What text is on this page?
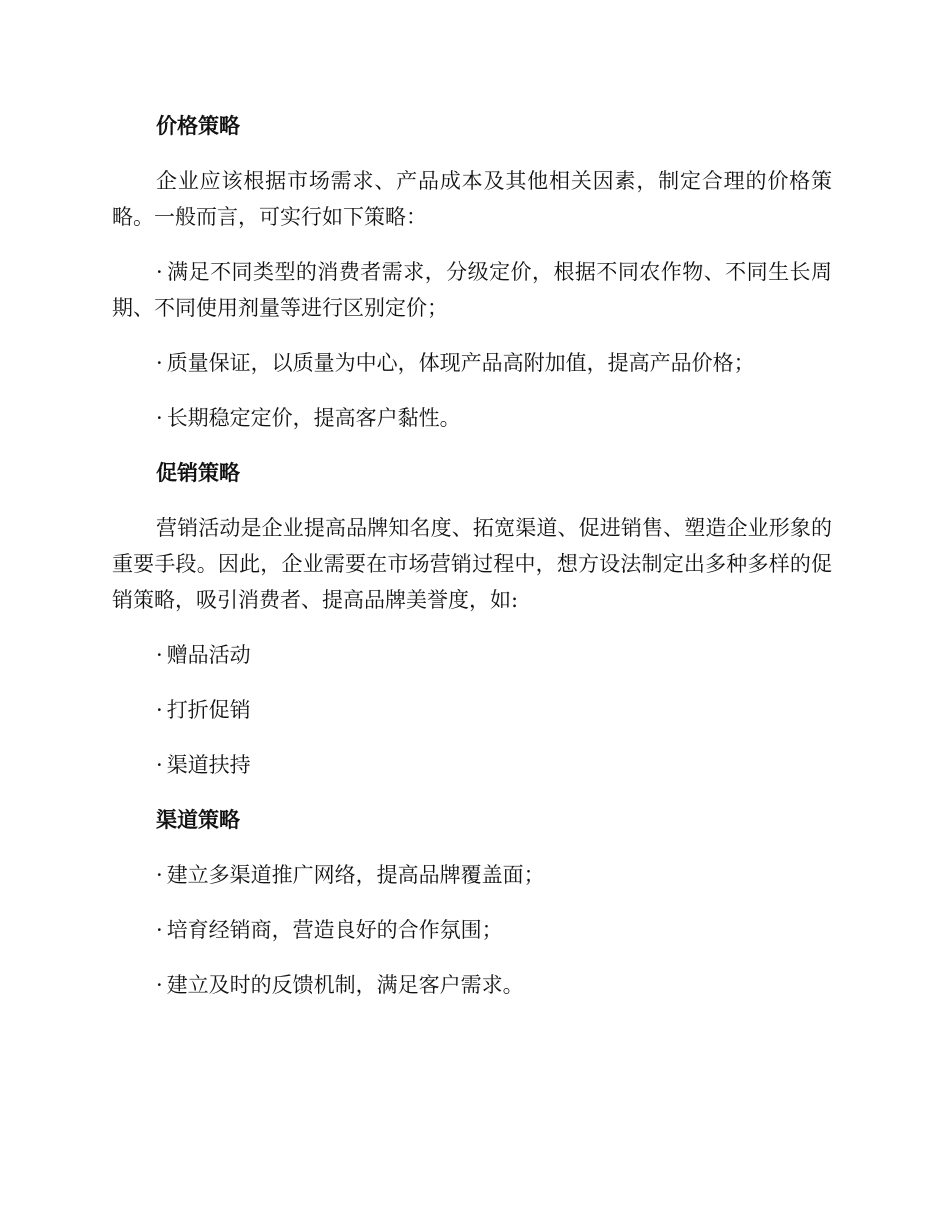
价格策略

企业应该根据市场需求、产品成本及其他相关因素，制定合理的价格策略。一般而言，可实行如下策略：

· 满足不同类型的消费者需求，分级定价，根据不同农作物、不同生长周期、不同使用剂量等进行区别定价；

· 质量保证，以质量为中心，体现产品高附加值，提高产品价格；

· 长期稳定定价，提高客户黏性。

促销策略

营销活动是企业提高品牌知名度、拓宽渠道、促进销售、塑造企业形象的重要手段。因此，企业需要在市场营销过程中，想方设法制定出多种多样的促销策略，吸引消费者、提高品牌美誉度，如:

· 赠品活动

· 打折促销

· 渠道扶持

渠道策略

· 建立多渠道推广网络，提高品牌覆盖面；

· 培育经销商，营造良好的合作氛围；

· 建立及时的反馈机制，满足客户需求。
